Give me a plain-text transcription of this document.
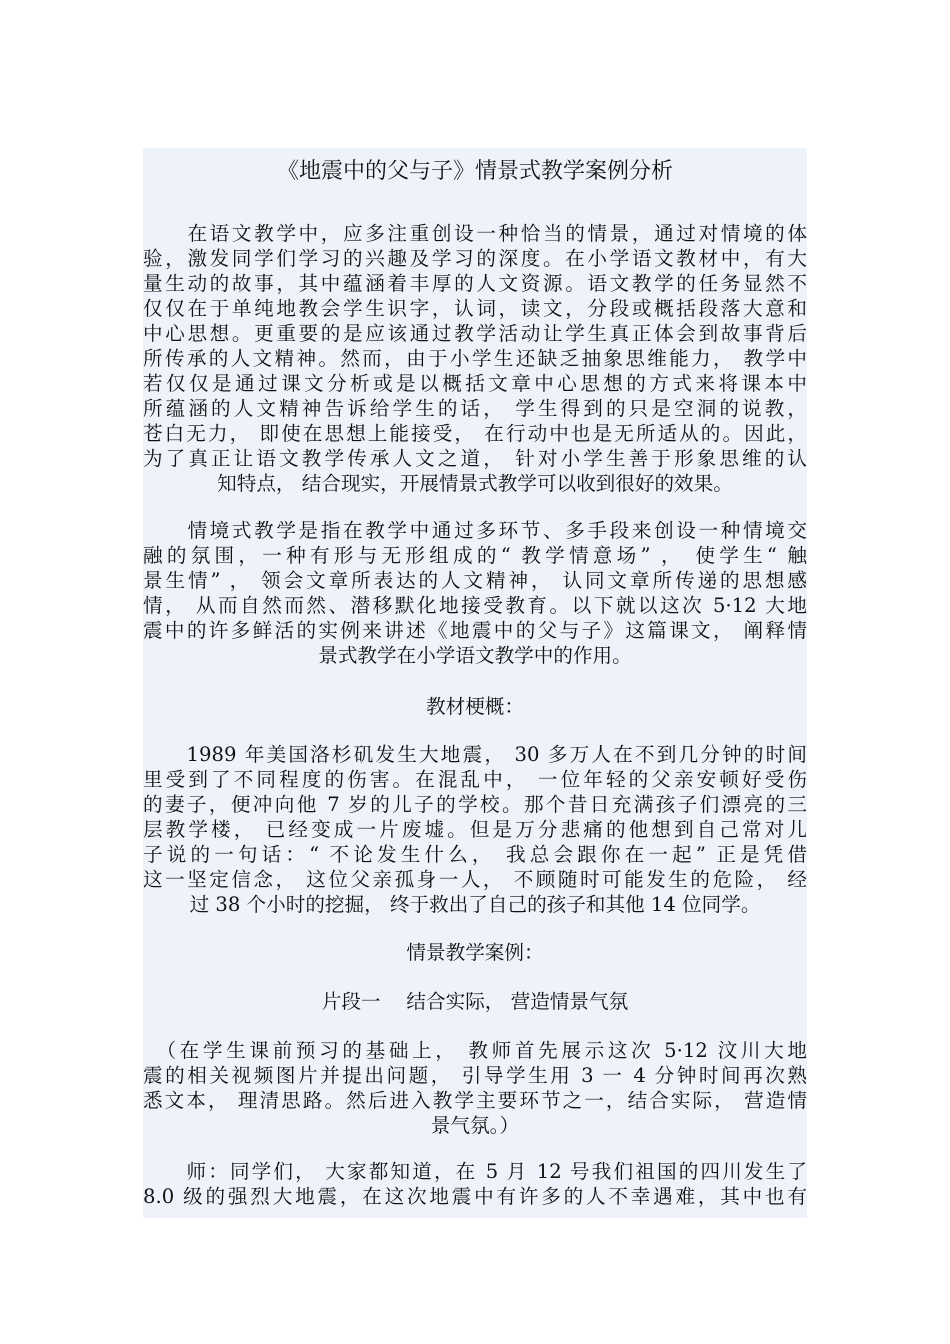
《地震中的父与子》情景式教学案例分析
　　在语文教学中，应多注重创设一种恰当的情景，通过对情境的体
验，激发同学们学习的兴趣及学习的深度。在小学语文教材中，有大
量生动的故事，其中蕴涵着丰厚的人文资源。语文教学的任务显然不
仅仅在于单纯地教会学生识字，认词，读文，分段或概括段落大意和
中心思想。更重要的是应该通过教学活动让学生真正体会到故事背后
所传承的人文精神。然而，由于小学生还缺乏抽象思维能力， 教学中
若仅仅是通过课文分析或是以概括文章中心思想的方式来将课本中
所蕴涵的人文精神告诉给学生的话， 学生得到的只是空洞的说教，
苍白无力， 即使在思想上能接受， 在行动中也是无所适从的。因此，
为了真正让语文教学传承人文之道， 针对小学生善于形象思维的认
知特点， 结合现实，开展情景式教学可以收到很好的效果。
　　情境式教学是指在教学中通过多环节、多手段来创设一种情境交
融的氛围，一种有形与无形组成的“ 教学情意场” ， 使学生“ 触
景生情” ， 领会文章所表达的人文精神， 认同文章所传递的思想感
情， 从而自然而然、潜移默化地接受教育。以下就以这次 5·12 大地
震中的许多鲜活的实例来讲述《地震中的父与子》这篇课文， 阐释情
景式教学在小学语文教学中的作用。
教材梗概：
　　1989 年美国洛杉矶发生大地震， 30 多万人在不到几分钟的时间
里受到了不同程度的伤害。在混乱中， 一位年轻的父亲安顿好受伤
的妻子，便冲向他 7 岁的儿子的学校。那个昔日充满孩子们漂亮的三
层教学楼， 已经变成一片废墟。但是万分悲痛的他想到自己常对儿
子说的一句话：“ 不论发生什么， 我总会跟你在一起” 正是凭借
这一坚定信念， 这位父亲孤身一人， 不顾随时可能发生的危险， 经
过 38 个小时的挖掘， 终于救出了自己的孩子和其他 14 位同学。
情景教学案例：
片段一　 结合实际， 营造情景气氛
　（在学生课前预习的基础上， 教师首先展示这次 5·12 汶川大地
震的相关视频图片并提出问题， 引导学生用 3 一 4 分钟时间再次熟
悉文本， 理清思路。然后进入教学主要环节之一，结合实际， 营造情
景气氛。）
　　师：同学们， 大家都知道，在 5 月 12 号我们祖国的四川发生了
8.0 级的强烈大地震，在这次地震中有许多的人不幸遇难，其中也有
